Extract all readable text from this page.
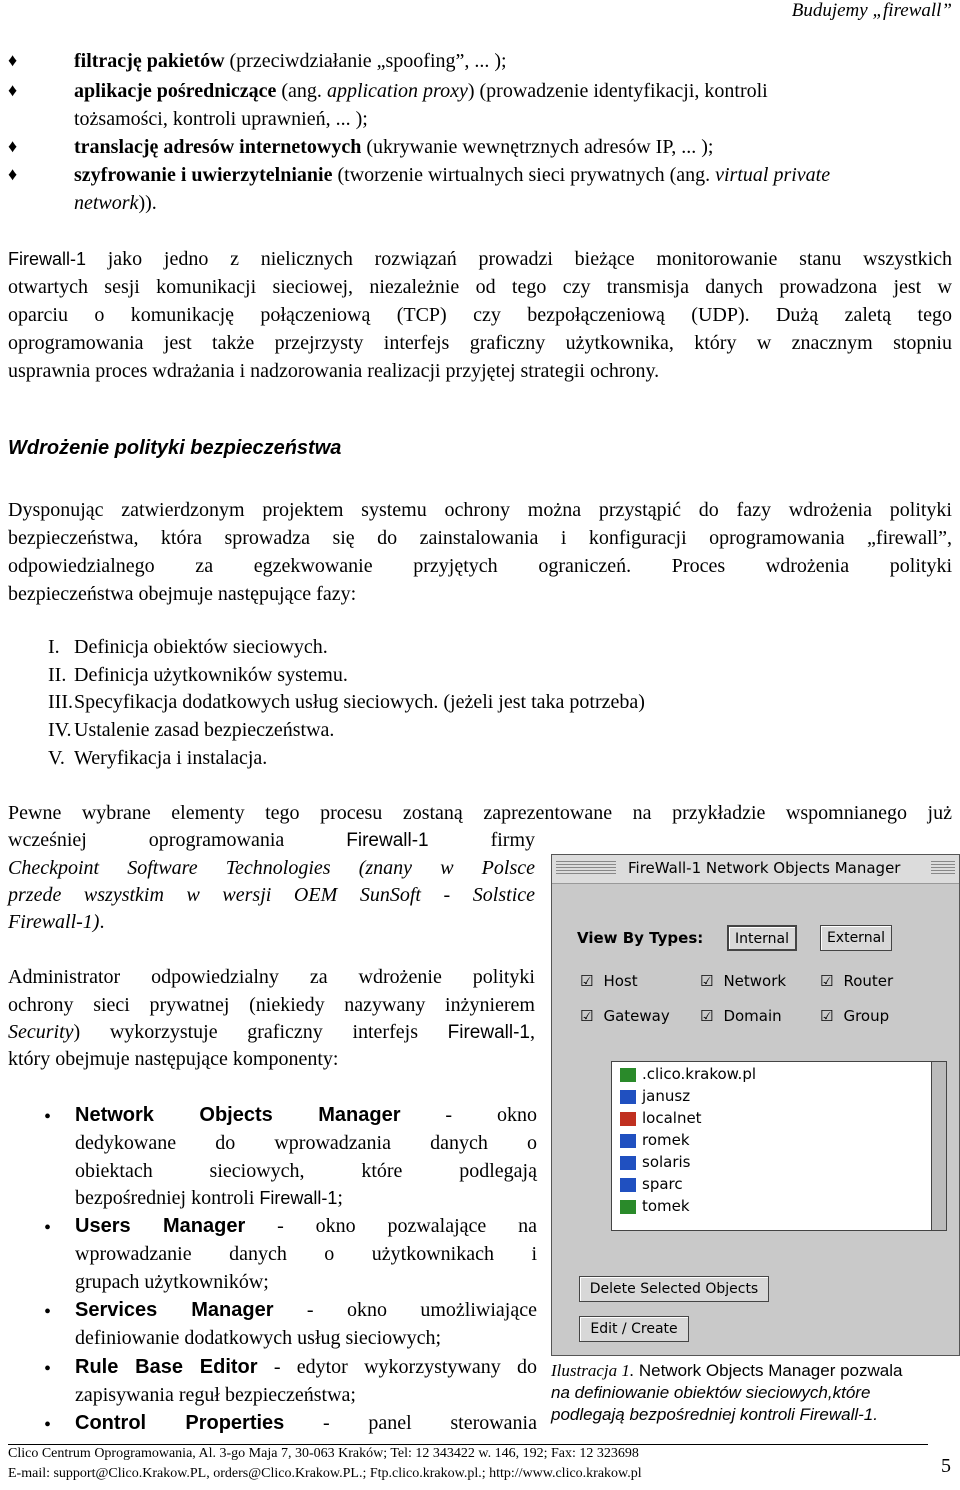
Budujemy „firewall”
♦	filtrację pakietów (przeciwdziałanie „spoofing”, ... );
♦	aplikacje pośredniczące (ang. application proxy) (prowadzenie identyfikacji, kontroli
tożsamości, kontroli uprawnień, ... );
♦	translację adresów internetowych (ukrywanie wewnętrznych adresów IP, ... );
♦	szyfrowanie i uwierzytelnianie (tworzenie wirtualnych sieci prywatnych (ang. virtual private
network)).
Firewall-1 jako jedno z nielicznych rozwiązań prowadzi bieżące monitorowanie stanu wszystkich
otwartych sesji komunikacji sieciowej, niezależnie od tego czy transmisja danych prowadzona jest w
oparciu o komunikację połączeniową (TCP) czy bezpołączeniową (UDP). Dużą zaletą tego
oprogramowania jest także przejrzysty interfejs graficzny użytkownika, który w znacznym stopniu
usprawnia proces wdrażania i nadzorowania realizacji przyjętej strategii ochrony.
Wdrożenie polityki bezpieczeństwa
Dysponując zatwierdzonym projektem systemu ochrony można przystąpić do fazy wdrożenia polityki
bezpieczeństwa, która sprowadza się do zainstalowania i konfiguracji oprogramowania „firewall”,
odpowiedzialnego za egzekwowanie przyjętych ograniczeń. Proces wdrożenia polityki
bezpieczeństwa obejmuje następujące fazy:
I. Definicja obiektów sieciowych.
II. Definicja użytkowników systemu.
III. Specyfikacja dodatkowych usług sieciowych. (jeżeli jest taka potrzeba)
IV. Ustalenie zasad bezpieczeństwa.
V. Weryfikacja i instalacja.
Pewne wybrane elementy tego procesu zostaną zaprezentowane na przykładzie wspomnianego już
wcześniej oprogramowania Firewall-1 firmy
Checkpoint Software Technologies (znany w Polsce
przede wszystkim w wersji OEM SunSoft - Solstice
Firewall-1).
Administrator odpowiedzialny za wdrożenie polityki
ochrony sieci prywatnej (niekiedy nazywany inżynierem
Security) wykorzystuje graficzny interfejs Firewall-1,
który obejmuje następujące komponenty:
Network Objects Manager - okno
•
dedykowane do wprowadzania danych o
obiektach sieciowych, które podlegają
bezpośredniej kontroli Firewall-1;
• Users Manager - okno pozwalające na
wprowadzanie danych o użytkownikach i
grupach użytkowników;
• Services Manager - okno umożliwiające
definiowanie dodatkowych usług sieciowych;
• Rule Base Editor - edytor wykorzystywany do
zapisywania reguł bezpieczeństwa;
• Control Properties - panel sterowania
FireWall-1 Network Objects Manager
View By Types:	Internal	External
☑ Host	☑ Network ☑ Router
☑ Gateway ☑ Domain	☑ Group
.clico.krakow.pl
janusz
localnet
romek
solaris
sparc
tomek
Delete Selected Objects
Edit / Create
Ilustracja 1. Network Objects Manager pozwala
na definiowanie obiektów sieciowych,które
podlegają bezpośredniej kontroli Firewall-1.
Clico Centrum Oprogramowania, Al. 3-go Maja 7, 30-063 Kraków; Tel: 12 343422 w. 146, 192; Fax: 12 323698
E-mail: support@Clico.Krakow.PL, orders@Clico.Krakow.PL.; Ftp.clico.krakow.pl.; http://www.clico.krakow.pl	5
